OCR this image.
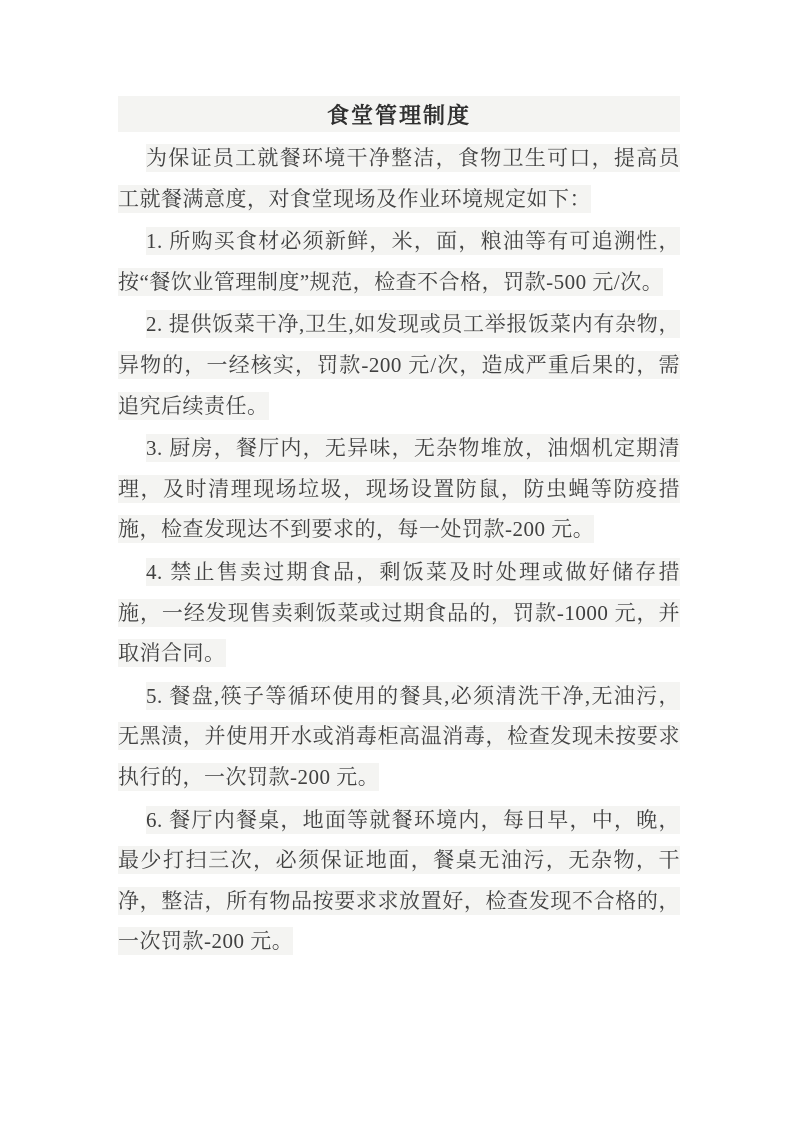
食堂管理制度

为保证员工就餐环境干净整洁，食物卫生可口，提高员工就餐满意度，对食堂现场及作业环境规定如下：

1. 所购买食材必须新鲜，米，面，粮油等有可追溯性，按“餐饮业管理制度”规范，检查不合格，罚款-500 元/次。

2. 提供饭菜干净,卫生,如发现或员工举报饭菜内有杂物，异物的，一经核实，罚款-200 元/次，造成严重后果的，需追究后续责任。

3. 厨房，餐厅内，无异味，无杂物堆放，油烟机定期清理，及时清理现场垃圾，现场设置防鼠，防虫蝇等防疫措施，检查发现达不到要求的，每一处罚款-200 元。

4. 禁止售卖过期食品，剩饭菜及时处理或做好储存措施，一经发现售卖剩饭菜或过期食品的，罚款-1000 元，并取消合同。

5. 餐盘,筷子等循环使用的餐具,必须清洗干净,无油污，无黑渍，并使用开水或消毒柜高温消毒，检查发现未按要求执行的，一次罚款-200 元。

6. 餐厅内餐桌，地面等就餐环境内，每日早，中，晚，最少打扫三次，必须保证地面，餐桌无油污，无杂物，干净，整洁，所有物品按要求求放置好，检查发现不合格的，一次罚款-200 元。
